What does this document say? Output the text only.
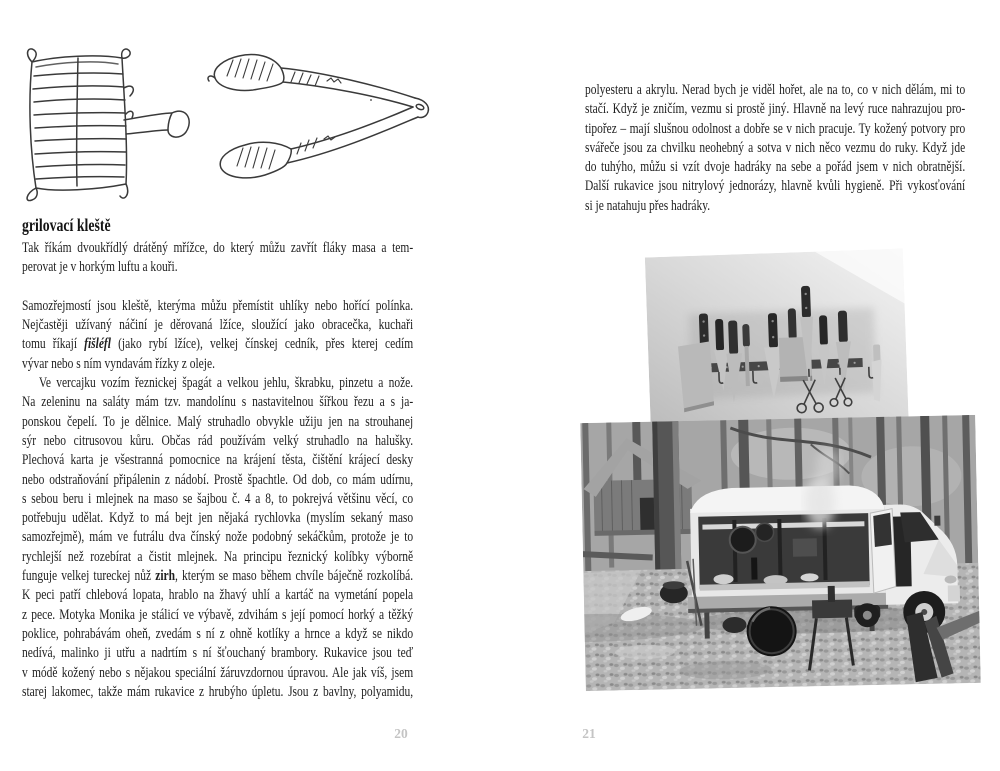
grilovací kleště
Tak říkám dvoukřídlý drátěný mřížce, do který můžu zavřít fláky masa a tem-
perovat je v horkým luftu a kouři.
Samozřejmostí jsou kleště, kterýma můžu přemístit uhlíky nebo hořící polínka.
Nejčastěji užívaný náčiní je děrovaná lžíce, sloužící jako obracečka, kuchaři
tomu říkají fišléfl (jako rybí lžíce), velkej čínskej cedník, přes kterej cedím
vývar nebo s ním vyndavám řízky z oleje.
Ve vercajku vozím řeznickej špagát a velkou jehlu, škrabku, pinzetu a nože.
Na zeleninu na saláty mám tzv. mandolínu s nastavitelnou šířkou řezu a s ja-
ponskou čepelí. To je dělnice. Malý struhadlo obvykle užiju jen na strouhanej
sýr nebo citrusovou kůru. Občas rád používám velký struhadlo na halušky.
Plechová karta je všestranná pomocnice na krájení těsta, čištění krájecí desky
nebo odstraňování připálenin z nádobí. Prostě špachtle. Od dob, co mám udírnu,
s sebou beru i mlejnek na maso se šajbou č. 4 a 8, to pokrejvá většinu věcí, co
potřebuju udělat. Když to má bejt jen nějaká rychlovka (myslím sekaný maso
samozřejmě), mám ve futrálu dva čínský nože podobný sekáčkům, protože je to
rychlejší než rozebírat a čistit mlejnek. Na principu řeznický kolíbky výborně
funguje velkej tureckej nůž zirh, kterým se maso během chvíle báječně rozkolíbá.
K peci patří chlebová lopata, hrablo na žhavý uhlí a kartáč na vymetání popela
z pece. Motyka Monika je stálicí ve výbavě, zdvihám s její pomocí horký a těžký
poklice, pohrabávám oheň, zvedám s ní z ohně kotlíky a hrnce a když se nikdo
nedívá, malinko ji utřu a nadrtím s ní šťouchaný brambory. Rukavice jsou teď
v módě kožený nebo s nějakou speciální žáruvzdornou úpravou. Ale jak víš, jsem
starej lakomec, takže mám rukavice z hrubýho úpletu. Jsou z bavlny, polyamidu,
20
polyesteru a akrylu. Nerad bych je viděl hořet, ale na to, co v nich dělám, mi to
stačí. Když je zničím, vezmu si prostě jiný. Hlavně na levý ruce nahrazujou pro-
tipořez – mají slušnou odolnost a dobře se v nich pracuje. Ty kožený potvory pro
svářeče jsou za chvilku neohebný a sotva v nich něco vezmu do ruky. Když jde
do tuhýho, můžu si vzít dvoje hadráky na sebe a pořád jsem v nich obratnější.
Další rukavice jsou nitrylový jednorázy, hlavně kvůli hygieně. Při vykosťování
si je natahuju přes hadráky.
21
